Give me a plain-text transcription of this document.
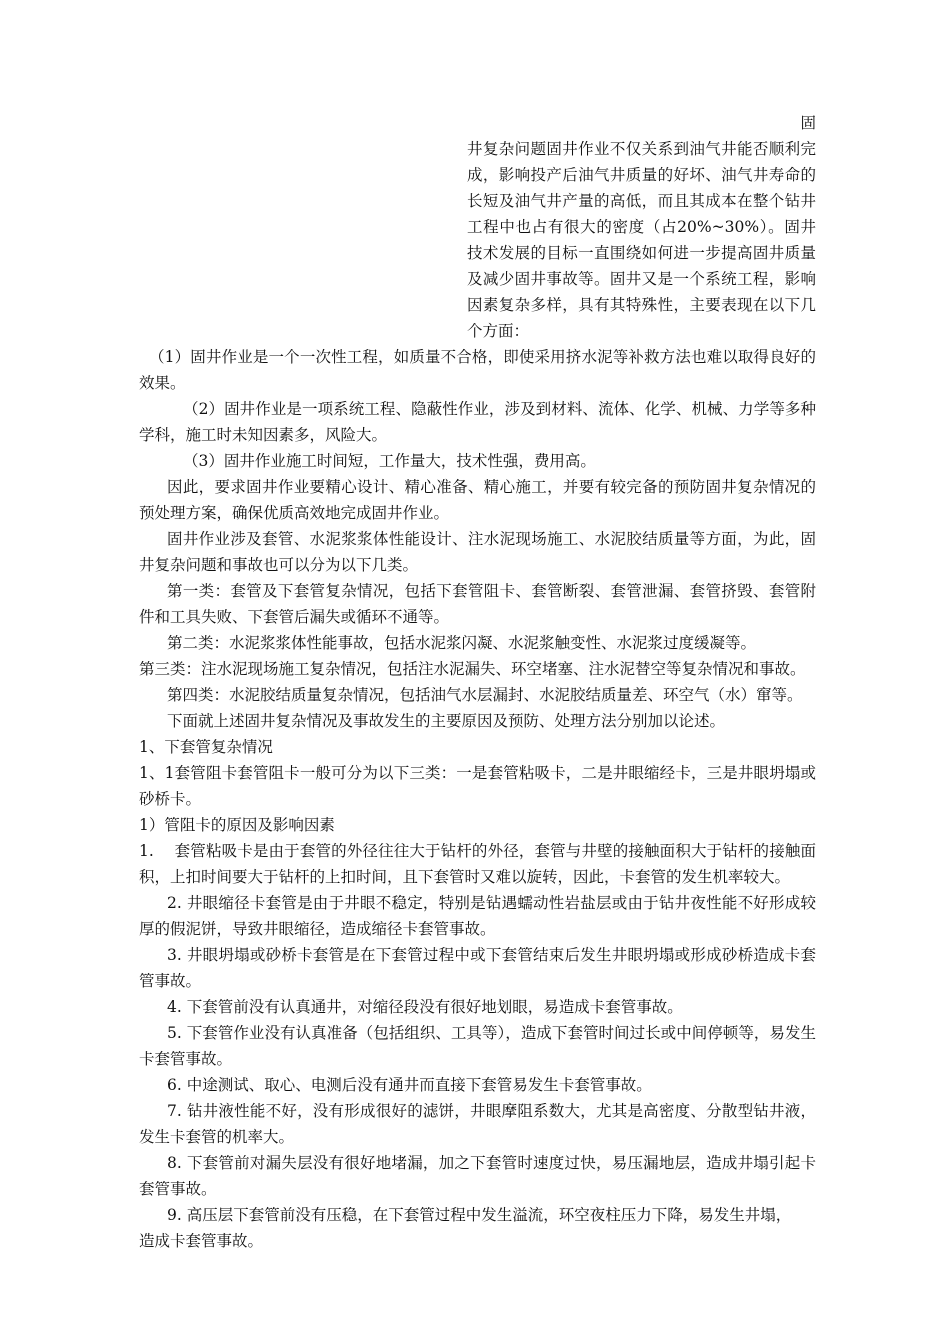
固井复杂问题固井作业不仅关系到油气井能否顺利完成，影响投产后油气井质量的好坏、油气井寿命的长短及油气井产量的高低，而且其成本在整个钻井工程中也占有很大的密度（占20%~30%）。固井技术发展的目标一直围绕如何进一步提高固井质量及减少固井事故等。固井又是一个系统工程，影响因素复杂多样，具有其特殊性，主要表现在以下几个方面：

（1）固井作业是一个一次性工程，如质量不合格，即使采用挤水泥等补救方法也难以取得良好的效果。

（2）固井作业是一项系统工程、隐蔽性作业，涉及到材料、流体、化学、机械、力学等多种学科，施工时未知因素多，风险大。

（3）固井作业施工时间短，工作量大，技术性强，费用高。

因此，要求固井作业要精心设计、精心准备、精心施工，并要有较完备的预防固井复杂情况的预处理方案，确保优质高效地完成固井作业。

固井作业涉及套管、水泥浆浆体性能设计、注水泥现场施工、水泥胶结质量等方面，为此，固井复杂问题和事故也可以分为以下几类。

第一类：套管及下套管复杂情况，包括下套管阻卡、套管断裂、套管泄漏、套管挤毁、套管附件和工具失败、下套管后漏失或循环不通等。

第二类：水泥浆浆体性能事故，包括水泥浆闪凝、水泥浆触变性、水泥浆过度缓凝等。

第三类：注水泥现场施工复杂情况，包括注水泥漏失、环空堵塞、注水泥替空等复杂情况和事故。

第四类：水泥胶结质量复杂情况，包括油气水层漏封、水泥胶结质量差、环空气（水）窜等。

下面就上述固井复杂情况及事故发生的主要原因及预防、处理方法分别加以论述。

1、下套管复杂情况

1、1套管阻卡套管阻卡一般可分为以下三类：一是套管粘吸卡，二是井眼缩经卡，三是井眼坍塌或砂桥卡。

1）管阻卡的原因及影响因素

1.　 套管粘吸卡是由于套管的外径往往大于钻杆的外径，套管与井壁的接触面积大于钻杆的接触面积，上扣时间要大于钻杆的上扣时间，且下套管时又难以旋转，因此，卡套管的发生机率较大。

2. 井眼缩径卡套管是由于井眼不稳定，特别是钻遇蠕动性岩盐层或由于钻井夜性能不好形成较厚的假泥饼，导致井眼缩径，造成缩径卡套管事故。

3. 井眼坍塌或砂桥卡套管是在下套管过程中或下套管结束后发生井眼坍塌或形成砂桥造成卡套管事故。

4. 下套管前没有认真通井，对缩径段没有很好地划眼，易造成卡套管事故。

5. 下套管作业没有认真准备（包括组织、工具等），造成下套管时间过长或中间停顿等，易发生卡套管事故。

6. 中途测试、取心、电测后没有通井而直接下套管易发生卡套管事故。

7. 钻井液性能不好，没有形成很好的滤饼，井眼摩阻系数大，尤其是高密度、分散型钻井液，发生卡套管的机率大。

8. 下套管前对漏失层没有很好地堵漏，加之下套管时速度过快，易压漏地层，造成井塌引起卡套管事故。

9. 高压层下套管前没有压稳，在下套管过程中发生溢流，环空夜柱压力下降，易发生井塌，

造成卡套管事故。
